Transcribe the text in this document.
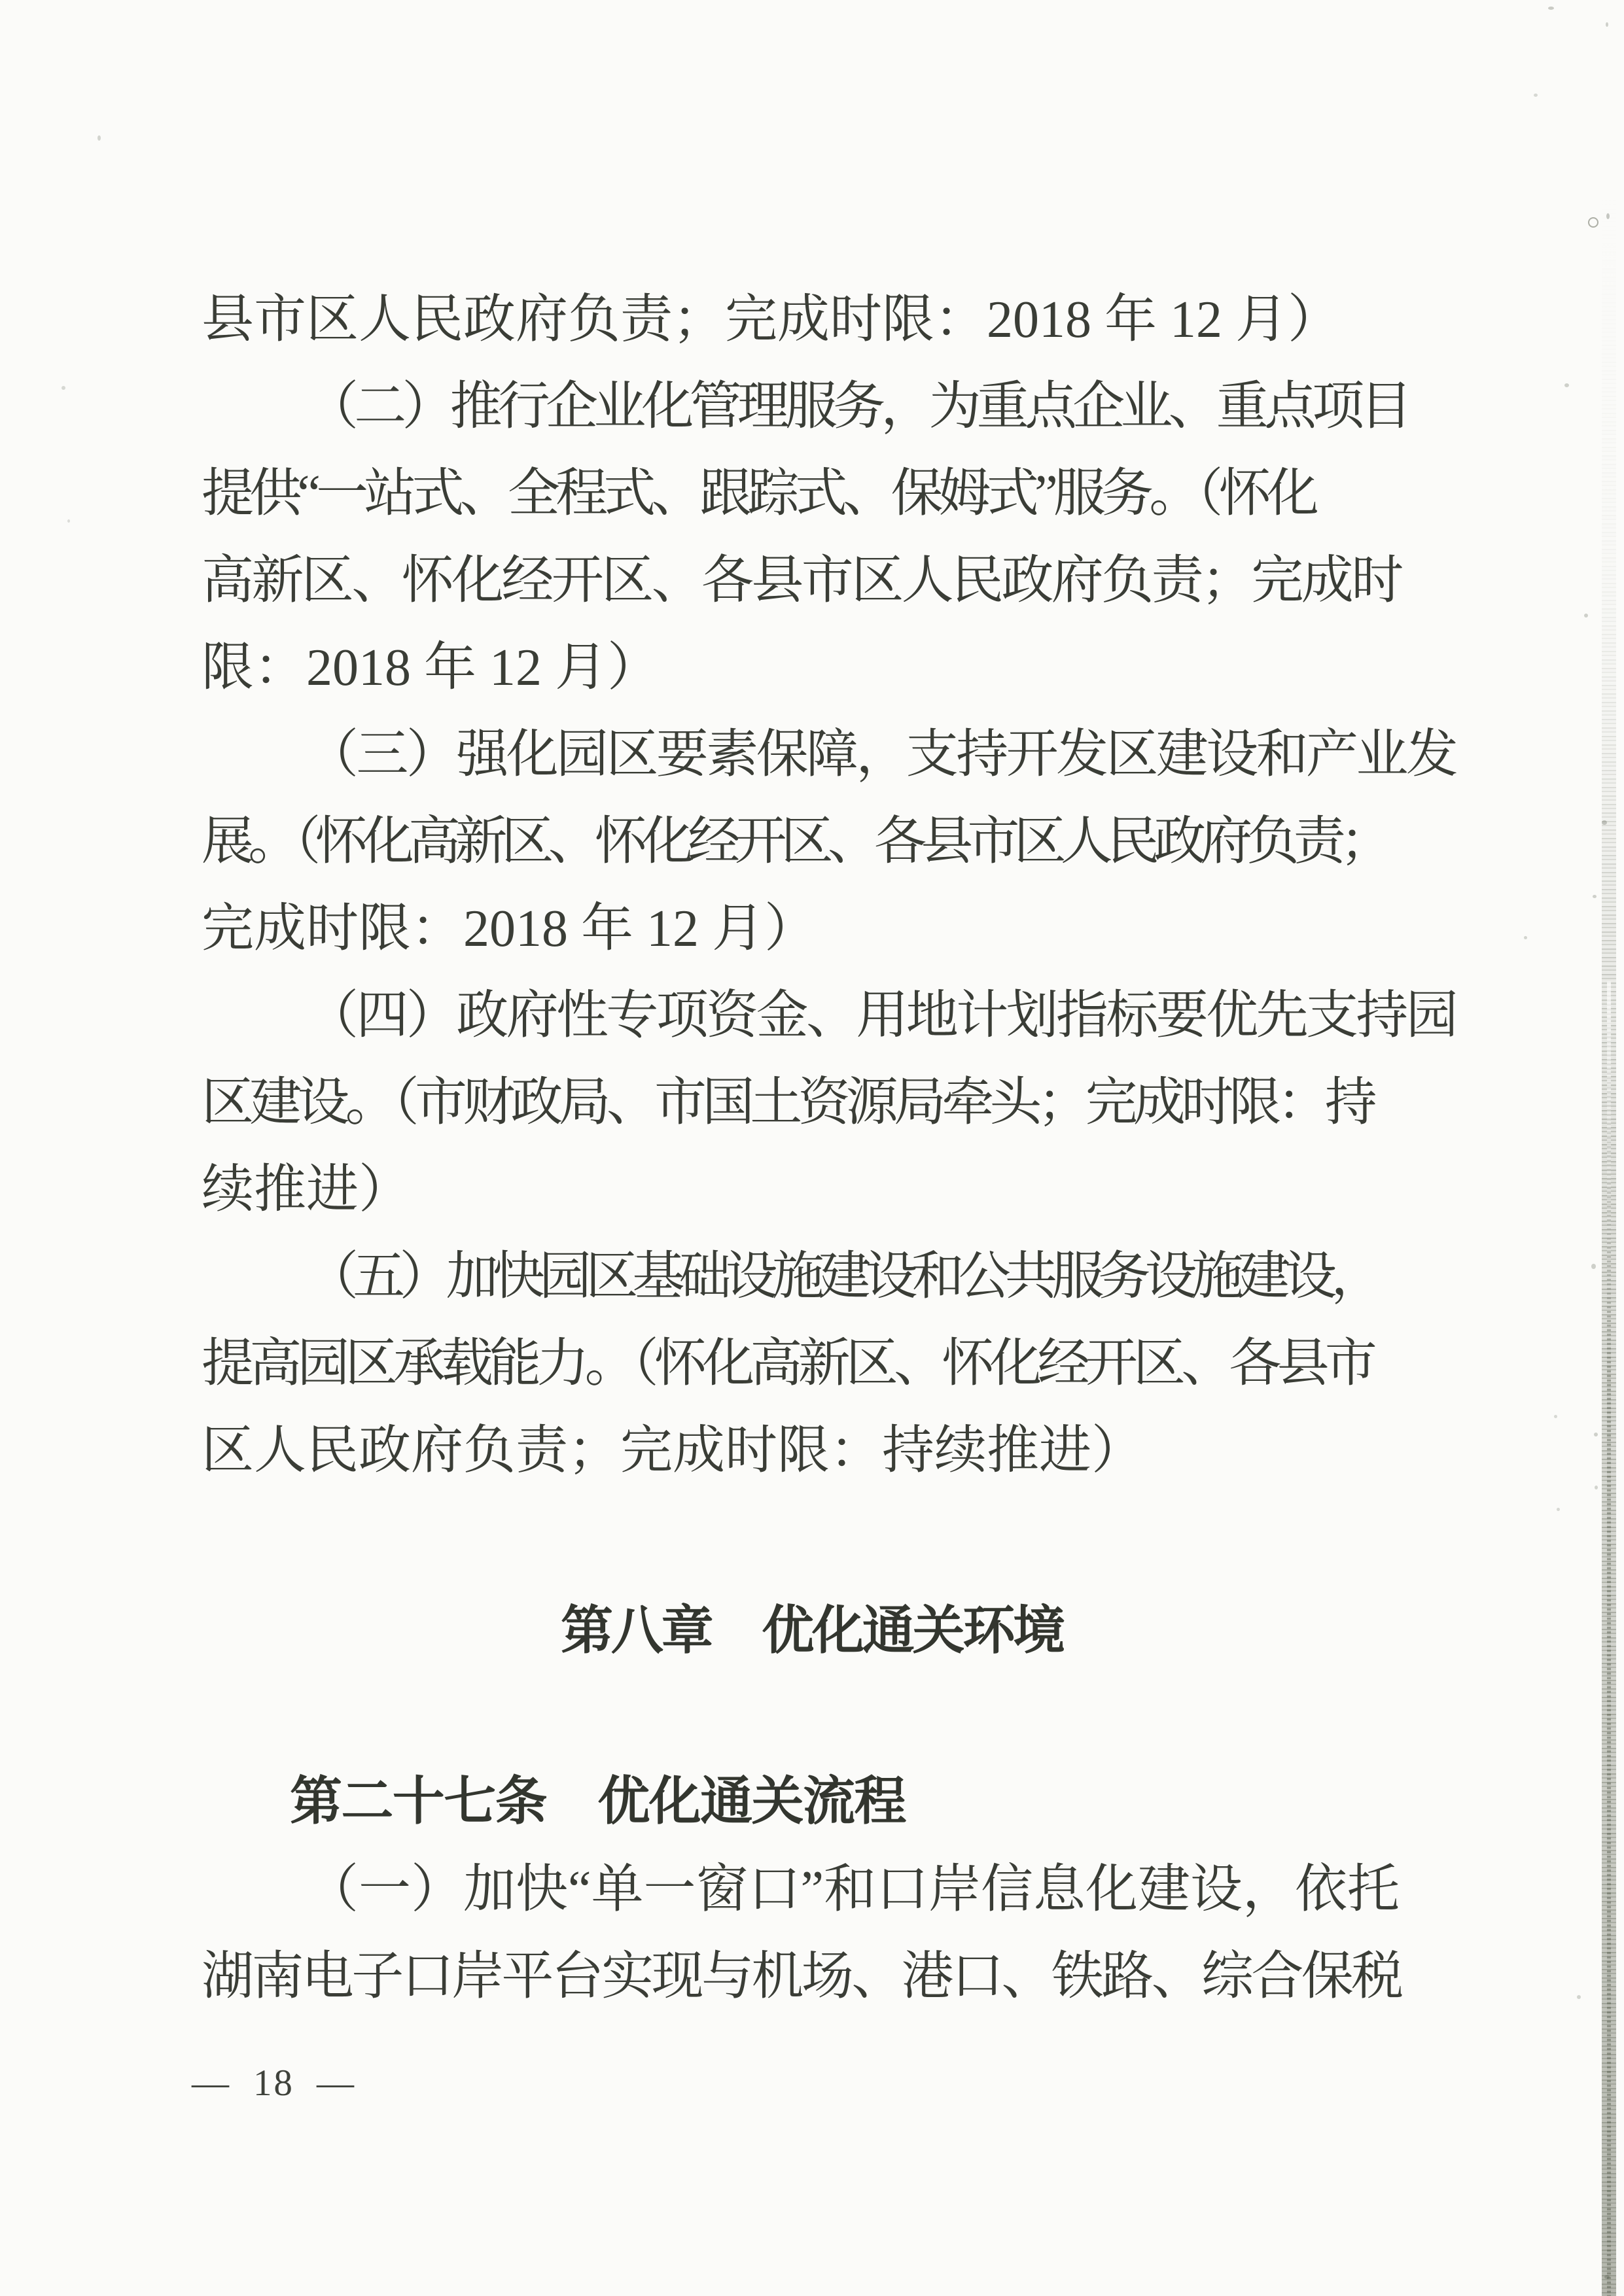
县市区人民政府负责；完成时限：2018 年 12 月）
（二）推行企业化管理服务，为重点企业、重点项目
提供“一站式、全程式、跟踪式、保姆式”服务。（怀化
高新区、怀化经开区、各县市区人民政府负责；完成时
限：2018 年 12 月）
（三）强化园区要素保障，支持开发区建设和产业发
展。（怀化高新区、怀化经开区、各县市区人民政府负责；
完成时限：2018 年 12 月）
（四）政府性专项资金、用地计划指标要优先支持园
区建设。（市财政局、市国土资源局牵头；完成时限：持
续推进）
（五）加快园区基础设施建设和公共服务设施建设，
提高园区承载能力。（怀化高新区、怀化经开区、各县市
区人民政府负责；完成时限：持续推进）
第八章　优化通关环境
第二十七条　优化通关流程
（一）加快“单一窗口”和口岸信息化建设，依托
湖南电子口岸平台实现与机场、港口、铁路、综合保税
— 18 —
